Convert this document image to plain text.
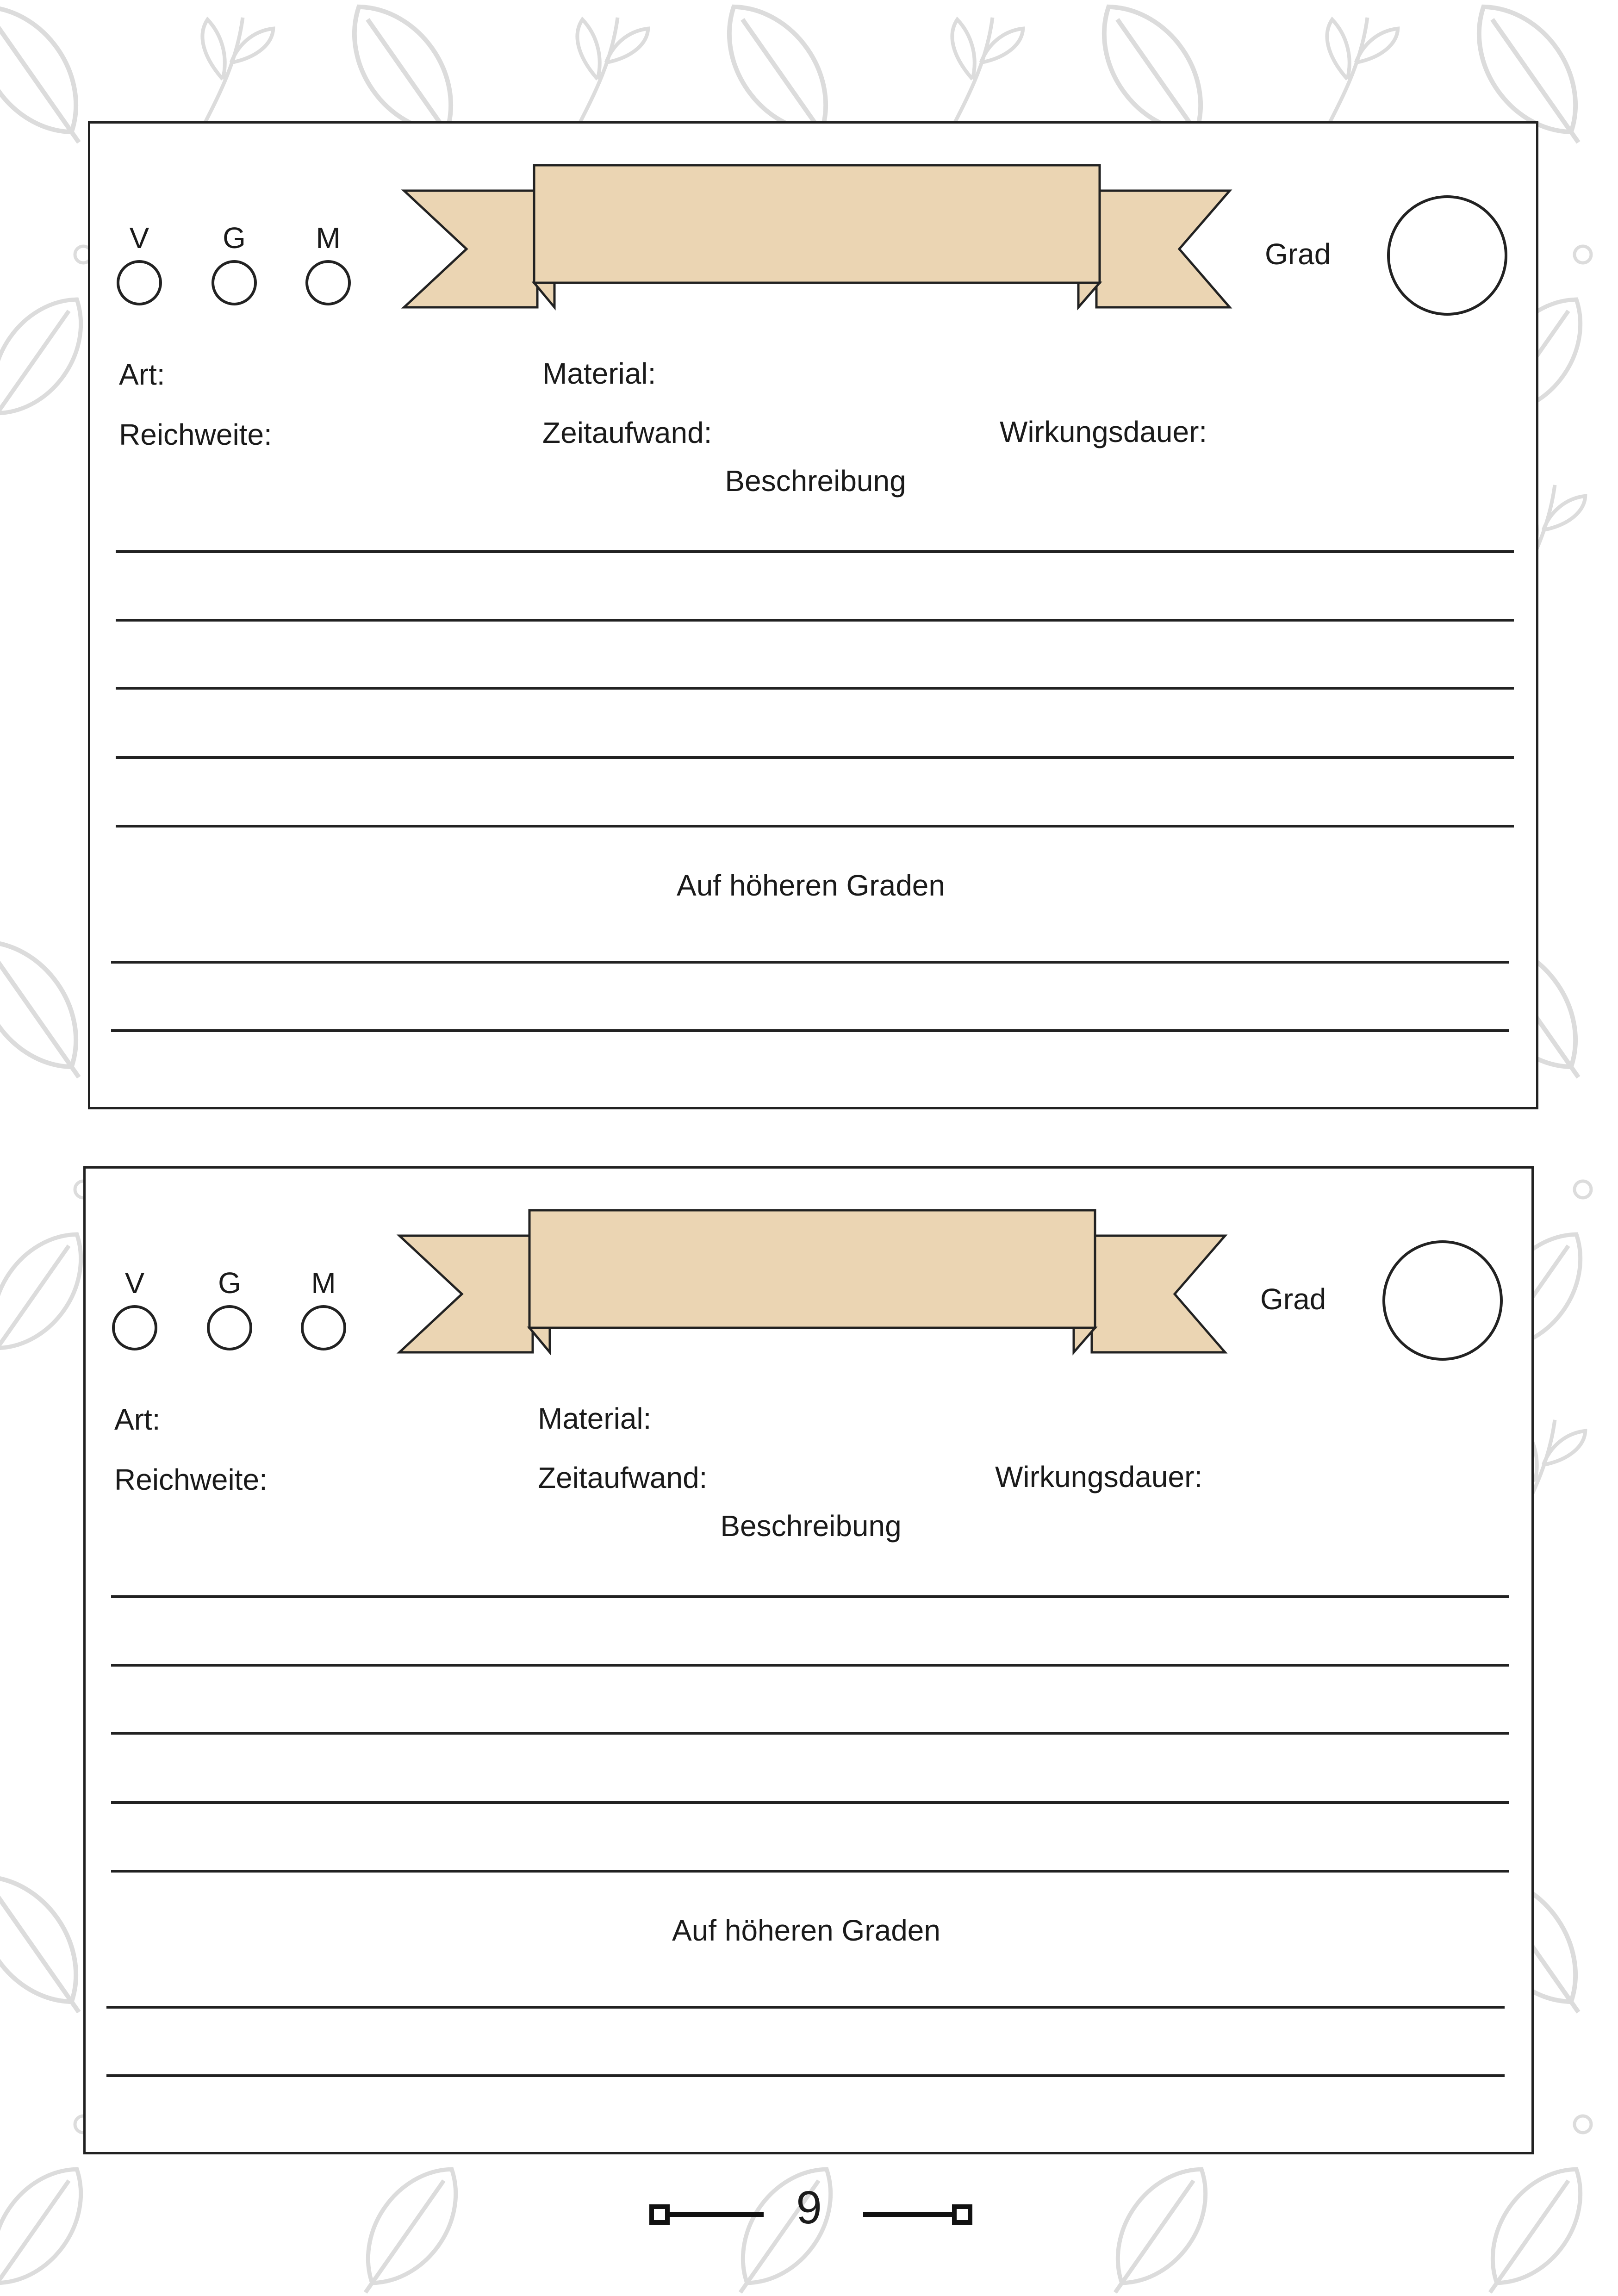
V G M	Grad
Art:	Material:
Reichweite:	Zeitaufwand:	Wirkungsdauer:
Beschreibung
Auf höheren Graden
V G M	Grad
Art:	Material:
Reichweite:	Zeitaufwand:	Wirkungsdauer:
Beschreibung
Auf höheren Graden
9
